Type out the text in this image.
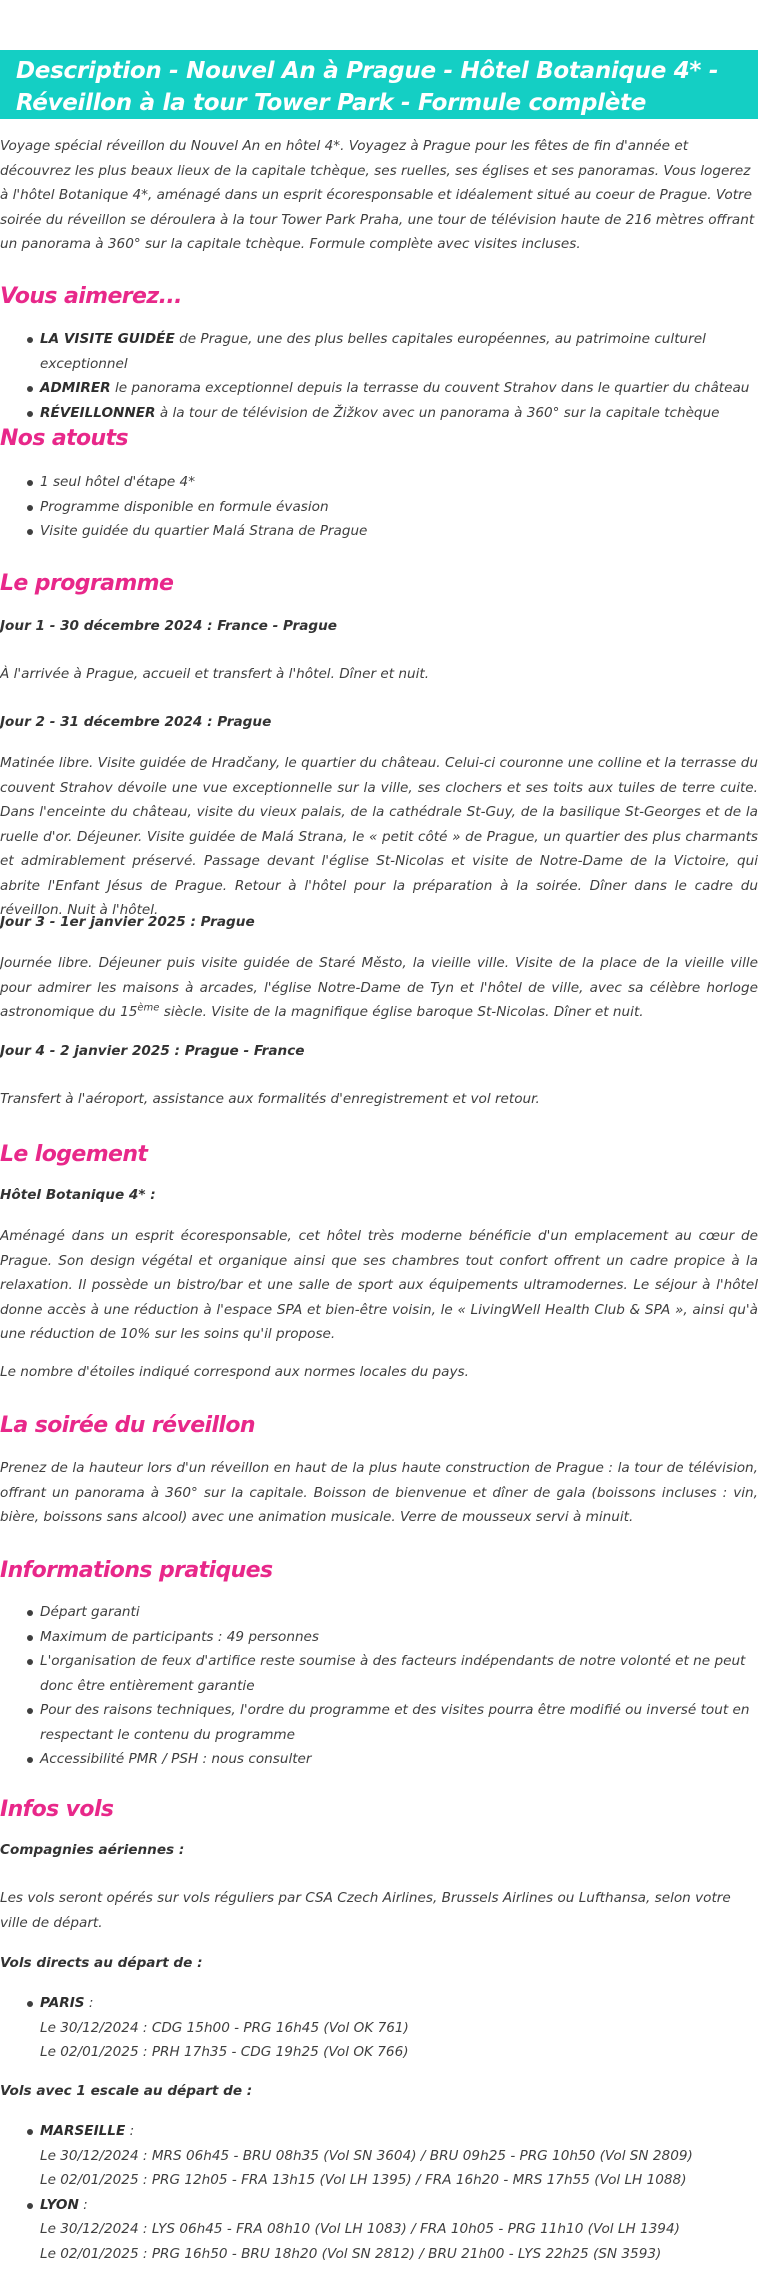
Description - Nouvel An à Prague - Hôtel Botanique 4* - Réveillon à la tour Tower Park - Formule complète

Voyage spécial réveillon du Nouvel An en hôtel 4*. Voyagez à Prague pour les fêtes de fin d'année et découvrez les plus beaux lieux de la capitale tchèque, ses ruelles, ses églises et ses panoramas. Vous logerez à l'hôtel Botanique 4*, aménagé dans un esprit écoresponsable et idéalement situé au coeur de Prague. Votre soirée du réveillon se déroulera à la tour Tower Park Praha, une tour de télévision haute de 216 mètres offrant un panorama à 360° sur la capitale tchèque. Formule complète avec visites incluses.

Vous aimerez...
LA VISITE GUIDÉE de Prague, une des plus belles capitales européennes, au patrimoine culturel exceptionnel
ADMIRER le panorama exceptionnel depuis la terrasse du couvent Strahov dans le quartier du château
RÉVEILLONNER à la tour de télévision de Žižkov avec un panorama à 360° sur la capitale tchèque
Nos atouts
1 seul hôtel d'étape 4*
Programme disponible en formule évasion
Visite guidée du quartier Malá Strana de Prague
Le programme
Jour 1 - 30 décembre 2024 : France - Prague

À l'arrivée à Prague, accueil et transfert à l'hôtel. Dîner et nuit.

Jour 2 - 31 décembre 2024 : Prague

Matinée libre. Visite guidée de Hradčany, le quartier du château. Celui-ci couronne une colline et la terrasse du couvent Strahov dévoile une vue exceptionnelle sur la ville, ses clochers et ses toits aux tuiles de terre cuite. Dans l'enceinte du château, visite du vieux palais, de la cathédrale St-Guy, de la basilique St-Georges et de la ruelle d'or. Déjeuner. Visite guidée de Malá Strana, le « petit côté » de Prague, un quartier des plus charmants et admirablement préservé. Passage devant l'église St-Nicolas et visite de Notre-Dame de la Victoire, qui abrite l'Enfant Jésus de Prague. Retour à l'hôtel pour la préparation à la soirée. Dîner dans le cadre du réveillon. Nuit à l'hôtel.

Jour 3 - 1er janvier 2025 : Prague

Journée libre. Déjeuner puis visite guidée de Staré Město, la vieille ville. Visite de la place de la vieille ville pour admirer les maisons à arcades, l'église Notre-Dame de Tyn et l'hôtel de ville, avec sa célèbre horloge astronomique du 15ème siècle. Visite de la magnifique église baroque St-Nicolas. Dîner et nuit.

Jour 4 - 2 janvier 2025 : Prague - France

Transfert à l'aéroport, assistance aux formalités d'enregistrement et vol retour.

Le logement
Hôtel Botanique 4* :

Aménagé dans un esprit écoresponsable, cet hôtel très moderne bénéficie d'un emplacement au cœur de Prague. Son design végétal et organique ainsi que ses chambres tout confort offrent un cadre propice à la relaxation. Il possède un bistro/bar et une salle de sport aux équipements ultramodernes. Le séjour à l'hôtel donne accès à une réduction à l'espace SPA et bien-être voisin, le « LivingWell Health Club & SPA », ainsi qu'à une réduction de 10% sur les soins qu'il propose.

Le nombre d'étoiles indiqué correspond aux normes locales du pays.

La soirée du réveillon

Prenez de la hauteur lors d'un réveillon en haut de la plus haute construction de Prague : la tour de télévision, offrant un panorama à 360° sur la capitale. Boisson de bienvenue et dîner de gala (boissons incluses : vin, bière, boissons sans alcool) avec une animation musicale. Verre de mousseux servi à minuit.

Informations pratiques
Départ garanti
Maximum de participants : 49 personnes
L'organisation de feux d'artifice reste soumise à des facteurs indépendants de notre volonté et ne peut donc être entièrement garantie
Pour des raisons techniques, l'ordre du programme et des visites pourra être modifié ou inversé tout en respectant le contenu du programme
Accessibilité PMR / PSH : nous consulter
Infos vols
Compagnies aériennes :

Les vols seront opérés sur vols réguliers par CSA Czech Airlines, Brussels Airlines ou Lufthansa, selon votre ville de départ.

Vols directs au départ de :
PARIS :
Le 30/12/2024 : CDG 15h00 - PRG 16h45 (Vol OK 761)
Le 02/01/2025 : PRH 17h35 - CDG 19h25 (Vol OK 766)
Vols avec 1 escale au départ de :
MARSEILLE :
Le 30/12/2024 : MRS 06h45 - BRU 08h35 (Vol SN 3604) / BRU 09h25 - PRG 10h50 (Vol SN 2809)
Le 02/01/2025 : PRG 12h05 - FRA 13h15 (Vol LH 1395) / FRA 16h20 - MRS 17h55 (Vol LH 1088)
LYON :
Le 30/12/2024 : LYS 06h45 - FRA 08h10 (Vol LH 1083) / FRA 10h05 - PRG 11h10 (Vol LH 1394)
Le 02/01/2025 : PRG 16h50 - BRU 18h20 (Vol SN 2812) / BRU 21h00 - LYS 22h25 (SN 3593)
